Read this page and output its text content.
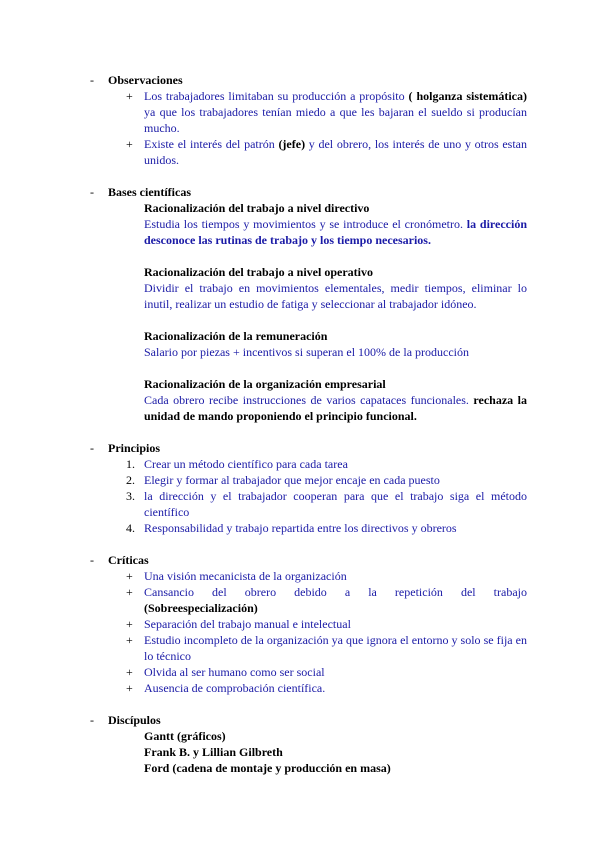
- Observaciones
+ Los trabajadores limitaban su producción a propósito ( holganza sistemática) ya que los trabajadores tenían miedo a que les bajaran el sueldo si producían mucho.
+ Existe el interés del patrón (jefe) y del obrero, los interés de uno y otros estan unidos.
- Bases científicas
Racionalización del trabajo a nivel directivo
Estudia los tiempos y movimientos y se introduce el cronómetro. la dirección desconoce las rutinas de trabajo y los tiempo necesarios.
Racionalización del trabajo a nivel operativo
Dividir el trabajo en movimientos elementales, medir tiempos, eliminar lo inutil, realizar un estudio de fatiga y seleccionar al trabajador idóneo.
Racionalización de la remuneración
Salario por piezas + incentivos si superan el 100% de la producción
Racionalización de la organización empresarial
Cada obrero recibe instrucciones de varios capataces funcionales. rechaza la unidad de mando proponiendo el principio funcional.
- Principios
1. Crear un método científico para cada tarea
2. Elegir y formar al trabajador que mejor encaje en cada puesto
3. la dirección y el trabajador cooperan para que el trabajo siga el método científico
4. Responsabilidad y trabajo repartida entre los directivos y obreros
- Críticas
+ Una visión mecanicista de la organización
+ Cansancio del obrero debido a la repetición del trabajo
(Sobreespecialización)
+ Separación del trabajo manual e intelectual
+ Estudio incompleto de la organización ya que ignora el entorno y solo se fija en lo técnico
+ Olvida al ser humano como ser social
+ Ausencia de comprobación científica.
- Discípulos
Gantt (gráficos)
Frank B. y Lillian Gilbreth
Ford (cadena de montaje y producción en masa)
